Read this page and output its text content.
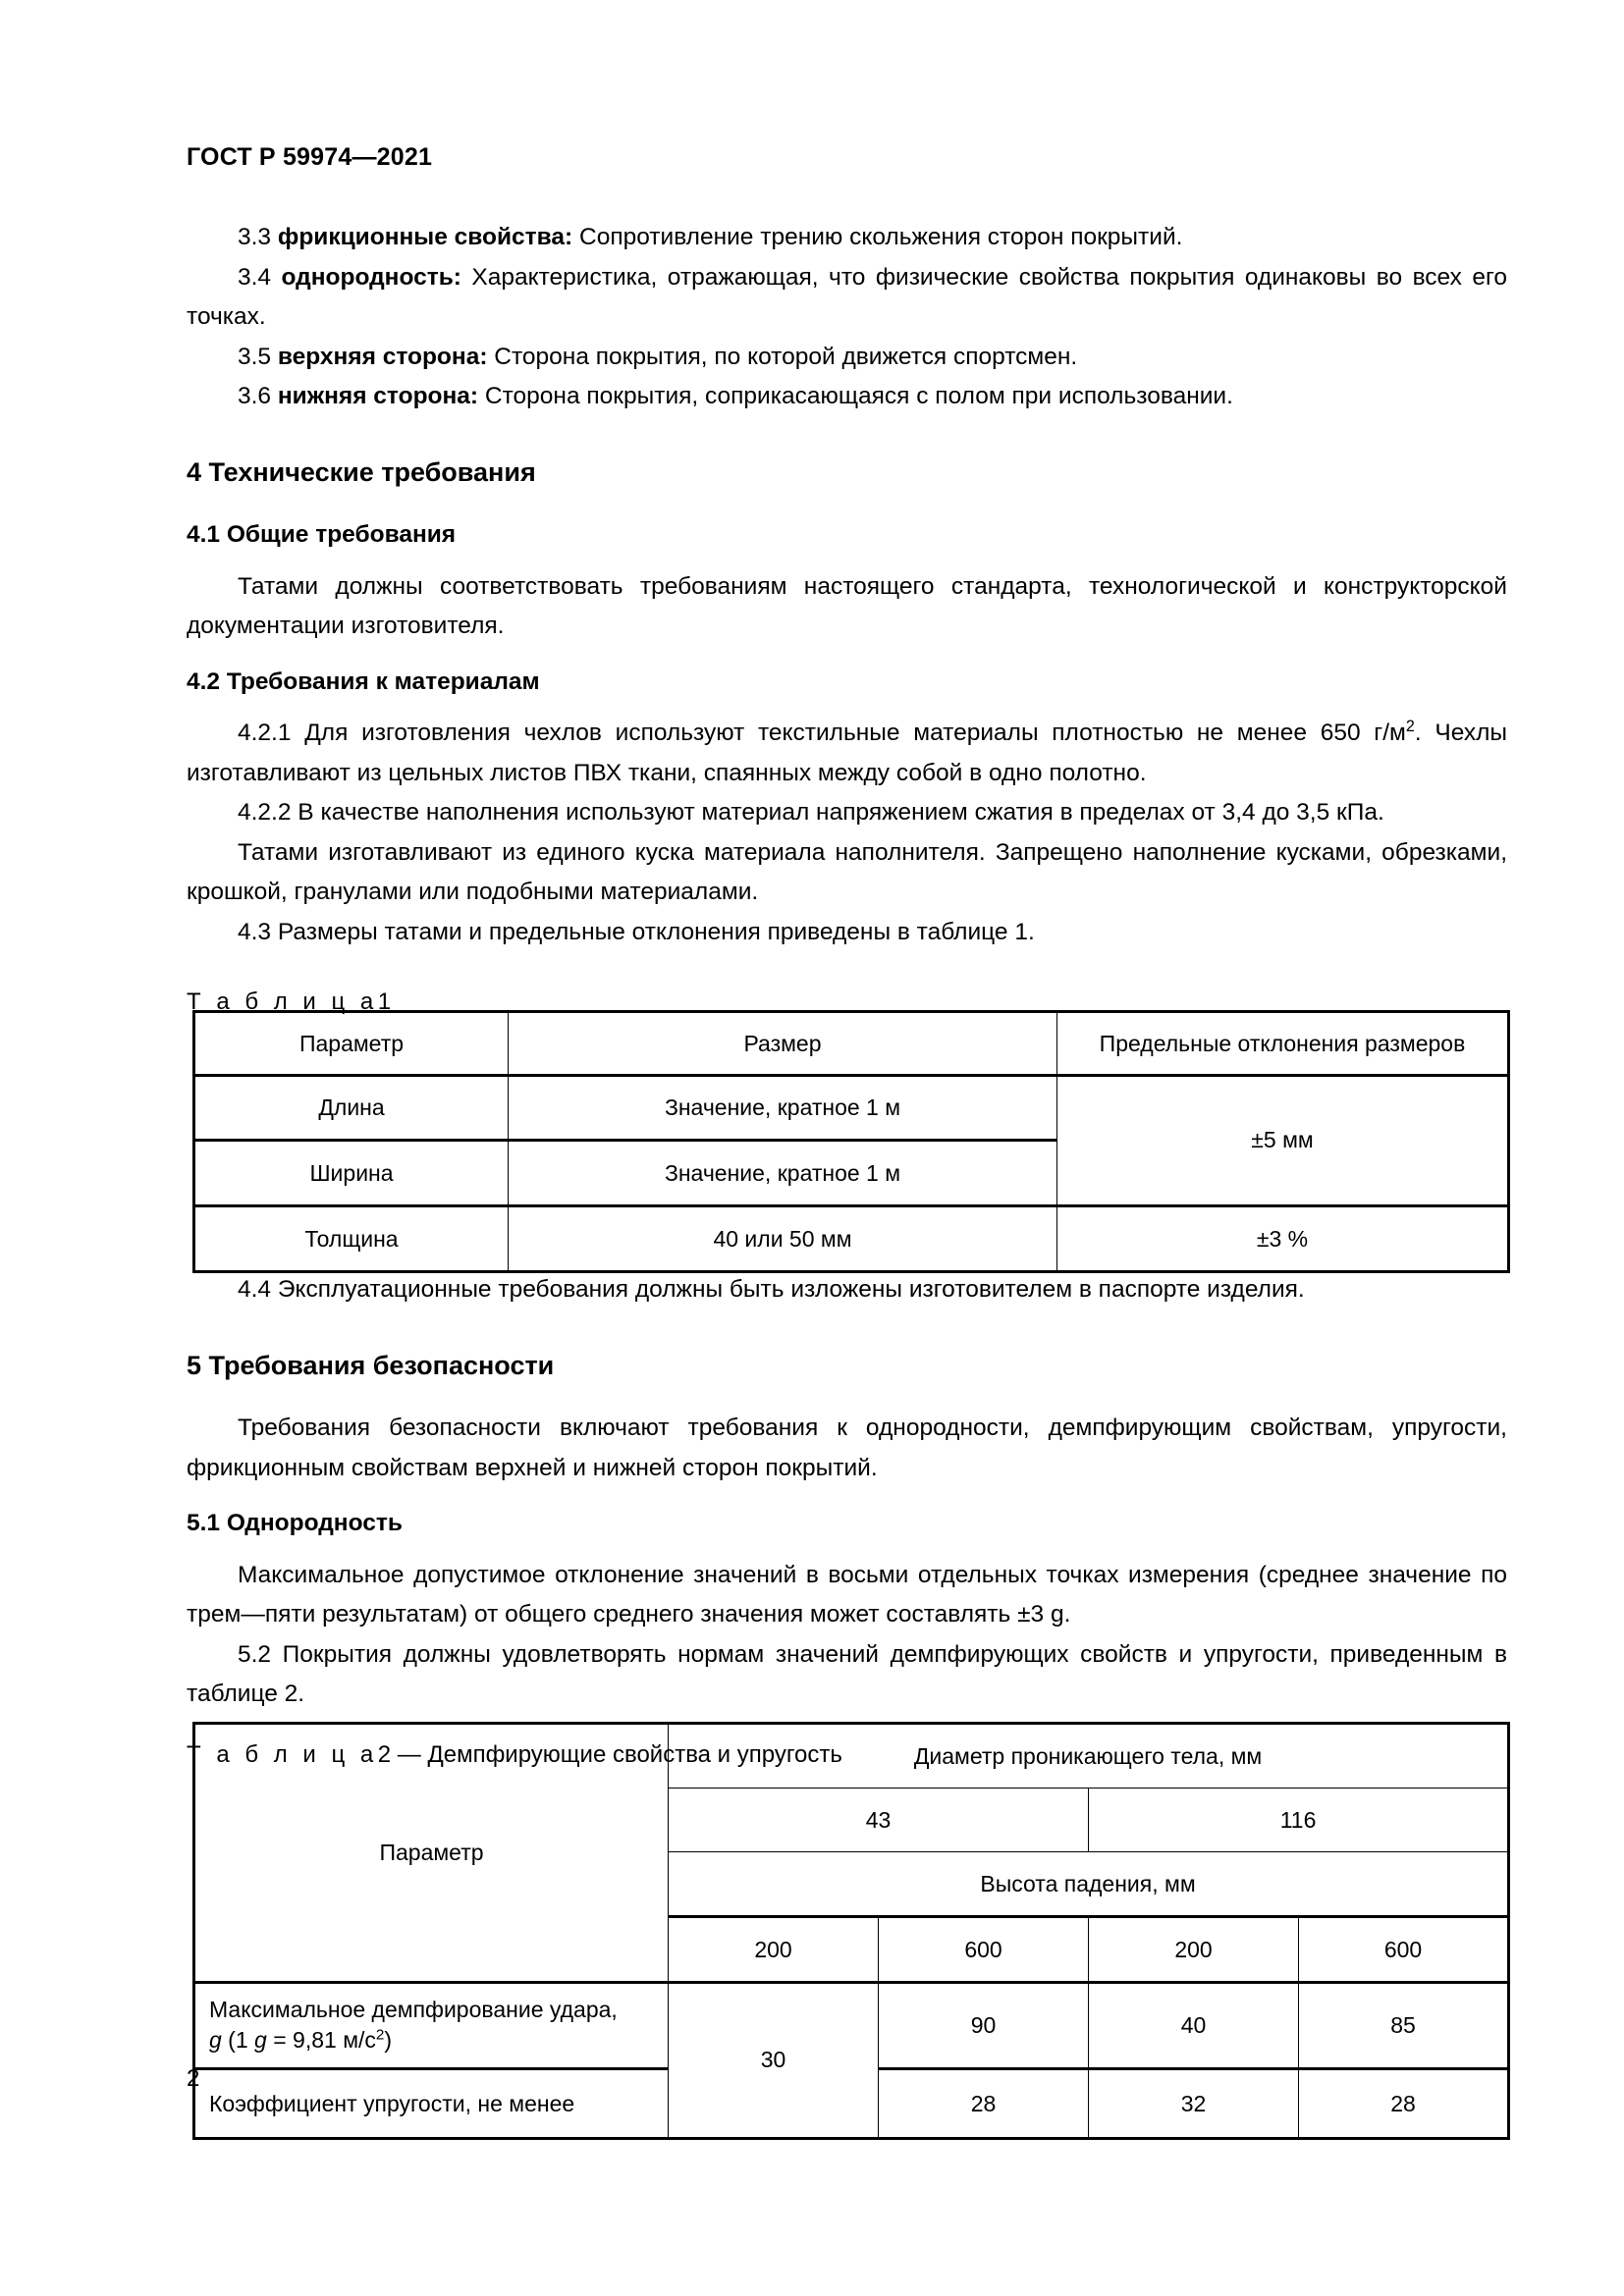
ГОСТ Р 59974—2021

3.3 фрикционные свойства: Сопротивление трению скольжения сторон покрытий.

3.4 однородность: Характеристика, отражающая, что физические свойства покрытия одинаковы во всех его точках.

3.5 верхняя сторона: Сторона покрытия, по которой движется спортсмен.

3.6 нижняя сторона: Сторона покрытия, соприкасающаяся с полом при использовании.

4 Технические требования
4.1 Общие требования

Татами должны соответствовать требованиям настоящего стандарта, технологической и конструкторской документации изготовителя.

4.2 Требования к материалам

4.2.1 Для изготовления чехлов используют текстильные материалы плотностью не менее 650 $г/м^2$. Чехлы изготавливают из цельных листов ПВХ ткани, спаянных между собой в одно полотно.

4.2.2 В качестве наполнения используют материал напряжением сжатия в пределах от 3,4 до 3,5 кПа.

Татами изготавливают из единого куска материала наполнителя. Запрещено наполнение кусками, обрезками, крошкой, гранулами или подобными материалами.

4.3 Размеры татами и предельные отклонения приведены в таблице 1.

Т а б л и ц а1

4.4 Эксплуатационные требования должны быть изложены изготовителем в паспорте изделия.

5 Требования безопасности

Требования безопасности включают требования к однородности, демпфирующим свойствам, упругости, фрикционным свойствам верхней и нижней сторон покрытий.

5.1 Однородность

Максимальное допустимое отклонение значений в восьми отдельных точках измерения (среднее значение по трем—пяти результатам) от общего среднего значения может составлять ±3 g.

5.2 Покрытия должны удовлетворять нормам значений демпфирующих свойств и упругости, приведенным в таблице 2.

Т а б л и ц а2 — Демпфирующие свойства и упругость

Параметр	Размер	Предельные отклонения размеров
Длина	Значение, кратное 1 м	±5 мм
Ширина	Значение, кратное 1 м	
Толщина	40 или 50 мм	±3 %
Параметр	Диаметр проникающего тела, мм			
	43		116	
	Высота падения, мм			
	200	600	200	600
Максимальное демпфирование удара,
g (1 g = 9,81 $м/с^2$)	30	90	40	85
Коэффициент упругости, не менее		28	32	28
2
